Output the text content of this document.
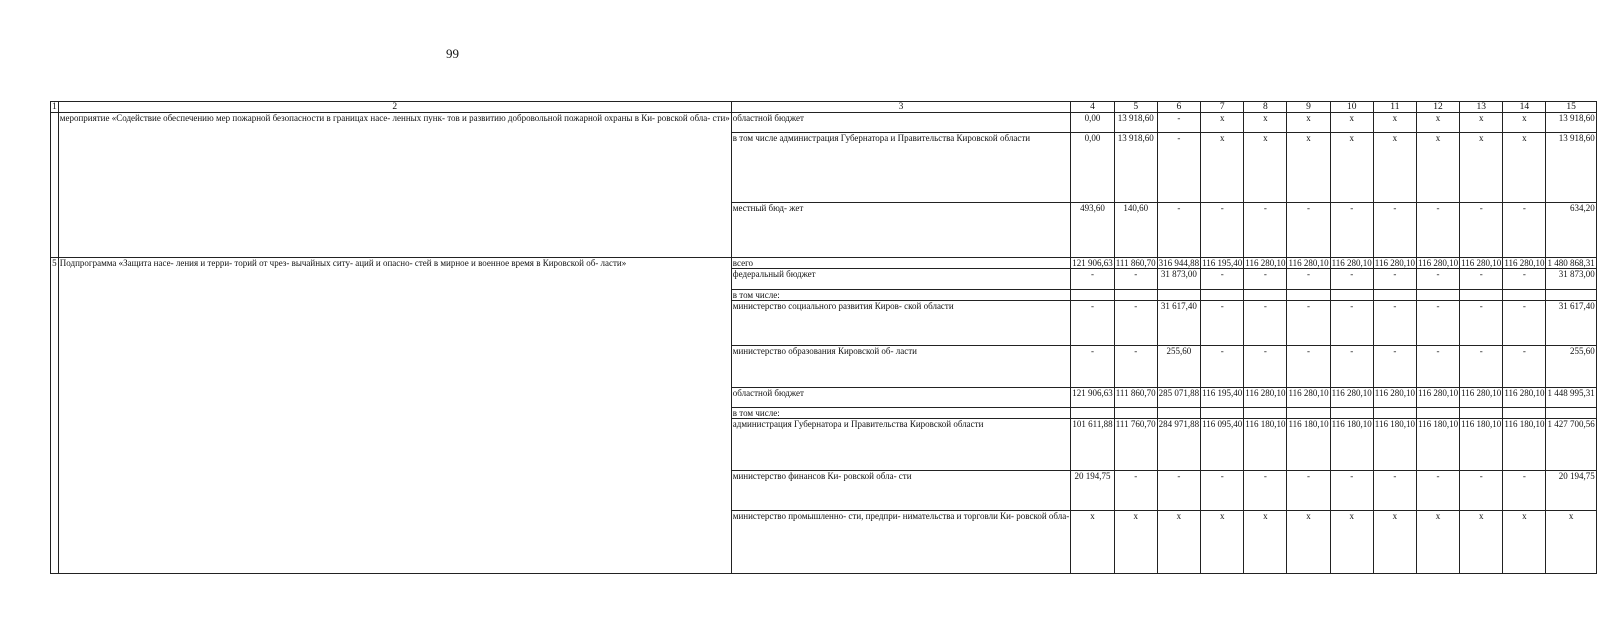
99
1	2	3	4	5	6	7	8	9	10	11	12	13	14	15
	мероприятие «Содействие обеспечению мер пожарной безопасности в границах насе- ленных пунк- тов и развитию добровольной пожарной охраны в Ки- ровской обла- сти»	областной бюджет	0,00	13 918,60	-	x	x	x	x	x	x	x	x	13 918,60
		в том числе администрация Губернатора и Правительства Кировской области	0,00	13 918,60	-	x	x	x	x	x	x	x	x	13 918,60
		местный бюд- жет	493,60	140,60	-	-	-	-	-	-	-	-	-	634,20
5	Подпрограмма «Защита насе- ления и терри- торий от чрез- вычайных ситу- аций и опасно- стей в мирное и военное время в Кировской об- ласти»	всего	121 906,63	111 860,70	316 944,88	116 195,40	116 280,10	116 280,10	116 280,10	116 280,10	116 280,10	116 280,10	116 280,10	1 480 868,31
		федеральный бюджет	-	-	31 873,00	-	-	-	-	-	-	-	-	31 873,00
		в том числе:												
		министерство социального развития Киров- ской области	-	-	31 617,40	-	-	-	-	-	-	-	-	31 617,40
		министерство образования Кировской об- ласти	-	-	255,60	-	-	-	-	-	-	-	-	255,60
		областной бюджет	121 906,63	111 860,70	285 071,88	116 195,40	116 280,10	116 280,10	116 280,10	116 280,10	116 280,10	116 280,10	116 280,10	1 448 995,31
		в том числе:												
		администрация Губернатора и Правительства Кировской области	101 611,88	111 760,70	284 971,88	116 095,40	116 180,10	116 180,10	116 180,10	116 180,10	116 180,10	116 180,10	116 180,10	1 427 700,56
		министерство финансов Ки- ровской обла- сти	20 194,75	-	-	-	-	-	-	-	-	-	-	20 194,75
		министерство промышленно- сти, предпри- нимательства и торговли Ки- ровской обла-	x	x	x	x	x	x	x	x	x	x	x	x
